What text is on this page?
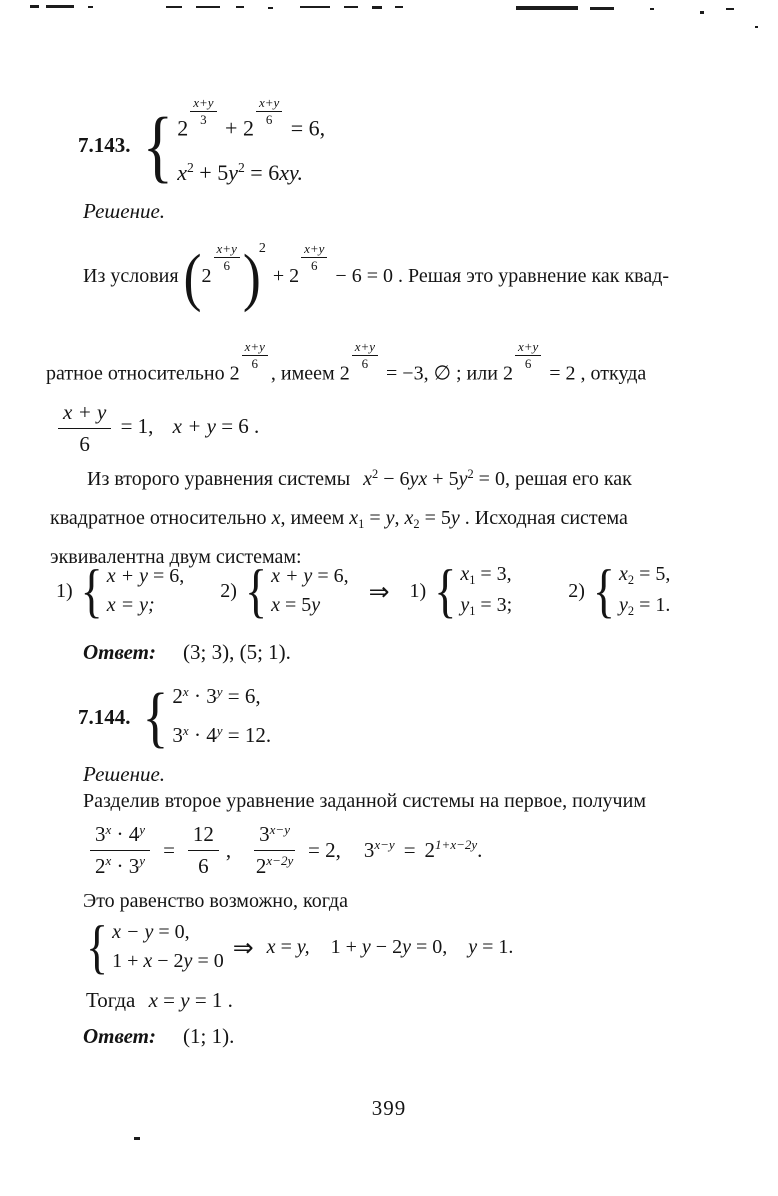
7.143. { 2
$\frac{x+y}{3}$
+ 2
$\frac{x+y}{6}$
= 6,
$x^2 + 5y^2 = 6xy$.
Решение.
Из условия (2
$\frac{x+y}{6} )^2 + 2$
$\frac{x+y}{6}$
− 6 = 0 . Решая это уравнение как квад-
ратное относительно 2
$\frac{x+y}{6}$
, имеем 2
$\frac{x+y}{6}$
= −3, ∅ ; или 2
$\frac{x+y}{6}$
= 2 , откуда
$\frac{x + y}{6} = 1$, x + y = 6 .
Из второго уравнения системы $x^2 - 6yx + 5y^2 = 0$, решая его как
квадратное относительно x, имеем x1 = y, x2 = 5y . Исходная система
эквивалентна двум системам:
1) { x + y = 6,
x = y;
2) { x + y = 6,
x = 5y	⇒ 1) { x1 = 3,
y1 = 3;
2) { x2 = 5,
y2 = 1.
Ответ: (3; 3), (5; 1).
7.144. { $2^x \cdot 3^y = 6$,
$3^x \cdot 4^y = 12$.
Решение.
Разделив второе уравнение заданной системы на первое, получим
$\frac{3^x \cdot 4^y}{2^x \cdot 3^y} = \frac{12}{6}$ , $\frac{3^{x-y}}{2^{x-2y}} = 2$, $3^{x-y} = 2^{1+x-2y}$.
Это равенство возможно, когда
{ x − y = 0,
1 + x − 2y = 0 ⇒ x = y, 1 + y − 2y = 0, y = 1.
Тогда x = y = 1 .
Ответ: (1; 1).
399
